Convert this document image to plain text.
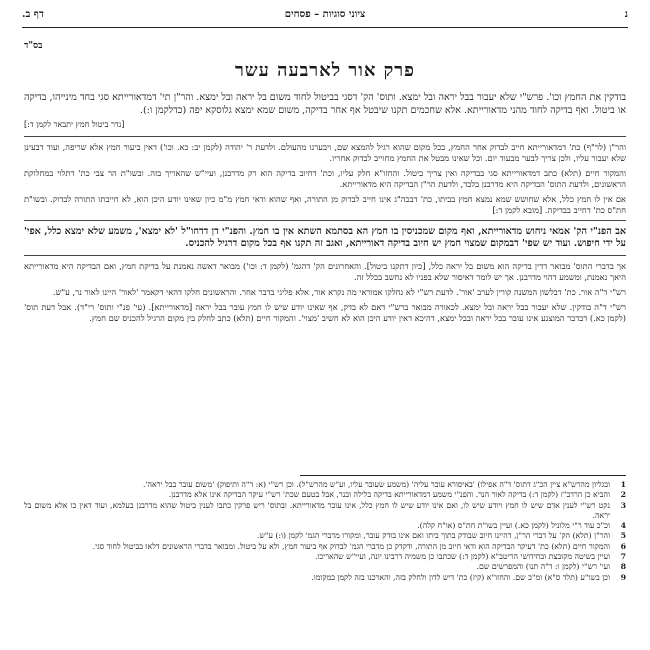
נ
ציוני סוגיות – פסחים
דף ב.
בס"ד
פרק אור לארבעה עשר

בודקין את החמץ וכו'. פרש"י שלא יעבור בבל יראה ובל ימצא. ותוס' הק' דסגי בביטול לחוד משום בל יראה ובל ימצא. והר"ן תי' דמדאורייתא סגי בחד מינייהו, בדיקה או ביטול. ואף בדיקה לחוד מהני מדאורייתא. אלא שחכמים תקנו שיבטל אף אחר בדיקה, משום שמא ימצא גלוסקא יפה (כדלקמן ו:).

[נדר ביטול חמץ יתבאר לקמן ד:]

והר"ן (לר"ף) כת' דמדאורייתא חייב לבדוק אחר החמץ, בכל מקום שהוא רגיל להמצא שם, ויבערנו מהעולם. ולדעת ר' יהודה (לקמן יב: כא. וכו') דאין ביעור חמץ אלא שריפה, ועוד דבעינן שלא יעבור עליו, ולכן צריך לבער מבעוד יום. וכל שאינו מבטל את החמץ מחוייב לבדוק אחריו.

והמקור חיים (תלא) כתב דמדאורייתא סגי בבדיקה ואין צריך ביטול. והחזו"א חלק עליו, וכת' דחיוב בדיקה הוא רק מדרבנן, ועיי"ש שהאריך בזה. ובשו"ת הר צבי כת' דתלוי במחלוקת הראשונים, ולדעת התוס' הבדיקה היא מדרבנן בלבד, ולדעת הר"ן הבדיקה היא מדאורייתא.

אם אין לו חמץ כלל, אלא שחושש שמא נמצא חמץ בביתו, כת' דבכה"ג אינו חייב לבדוק מן התורה, ואף שהוא ודאי חמץ מ"מ כיון שאינו יודע היכן הוא, לא חייבתו התורה לבדוק. ובשו"ת חת"ס כת' דחייב בבדיקה. [מובא לקמן ד:]

אב הפנ"י הק' אמאי ניחוש מדאורייתא, ואף מקום שמכניסין בו חמץ הא בסתמא השתא אין בו חמץ. והפנ"י דן דדחו"ל 'לא ימצא', משמע שלא ימצא כלל, אפי' על ידי חיפוש. ועוד יש שפי' דבמקום שמצוי חמץ יש חיוב בדיקה דאורייתא, ואגב זה תקנו אף בכל מקום דרגיל להכניס.

אך בדברי התוס' מבואר דדין בדיקה הוא משום בל יראה כלל, [כיון דתקנו ביטול]. והאחרונים הק' דהגמ' (לקמן ד: וכו') מבואר דאשה נאמנת על בדיקת חמץ, ואם הבדיקה היא מדאורייתא היאך נאמנת, ומשמע דהוי מדרבנן. אך יש לומר דאיסור שלא בפניו לא נחשב בכלל זה.

רש"י ד"ה אור. כת' דבלשון המשנה קורין לערב 'אור'. לדעת רש"י לא נחלקו אמוראי מה נקרא אור, אלא פליגי בדבר אחר. והראשונים חלקו דהאי דקאמר 'לאור' היינו לאור נר, ע"ש.

רש"י ד"ה בודקין. שלא יעבור בבל יראה ובל ימצא. לכאורה מבואר ברש"י דאם לא בדק, אף שאינו יודע שיש לו חמץ עובר בבל יראה [מדאורייתא]. (עי' פנ"י ותוס' רי"ד). אבל דעת תוס' (לקמן כא.) דבדבר המוצנע אינו עובר בבל יראה ובבל ימצא, דהיכא דאין יודע היכן הוא לא חשיב 'מצוי'. והמקור חיים (תלא) כתב לחלק בין מקום הרגיל להכניס שם חמץ.

1
ובגליון מהרש"א ציין הכ"ג דתוס' ד"ה אפילו) 'באיסורא עובר עליה' (משמע שעובר עליו, וע"ש מהרש"ל). וכן רש"י (א: ד"ה ותיפוק) 'משום עובר בבל יראה'.
2
והביא כן הרדב"ז (לקמן ד:) בדיקה לאור הנר. והפנ"י משמע דמדאורייתא בדיקה בלילה ובנר, אבל בטעם שכת' רש"י עיקר הבדיקה אינו אלא מדרבנן.
3
נקט רש"י לענין אדם שיש לו חמץ ויודע שיש לו, ואם אינו יודע שיש לו חמץ כלל, אינו עובר מדאורייתא. ובתוס' ריש פרקין כתבו לענין ביטול שהוא מדרבנן בעלמא, ועוד דאין בו אלא משום בל יראה.
4
וכ"כ עוד ר"י מלוניל (לקמן כא.) ועיין בשו"ת חת"ס (או"ח קלה).
5
והר"ן (תלא) הק' על דברי הר"ן, דהיינו חיוב שבודק בתוך ביתו ואם אינו בודק עובר, ומקורו מדברי הגמ' לקמן (ו:) ע"ש.
6
והמקור חיים (תלא) כת' דעיקר הבדיקה הוא ודאי חיוב מן התורה, ודקדק כן מדברי הגמ' לבדוק אף ביעור חמץ, ולא על ביטול. ומבואר בדברי הראשונים דלאו בביטול לחוד סגי.
7
ועיין בשיטה מקובצת ובחידושי הריטב"א (לקמן ד:) שכתבו כן משמיה דרבינו יונה, ועיי"ש שהאריכו.
8
ועי' רש"י (לקמן ו: ד"ה תנו) והמפרשים שם.
9
וכן בשו"ע (תלד ס"א) ומ"ב שם. והחזו"א (קיז) כת' דיש לדון ולחלק בזה, והארכנו בזה לקמן במקומו.
